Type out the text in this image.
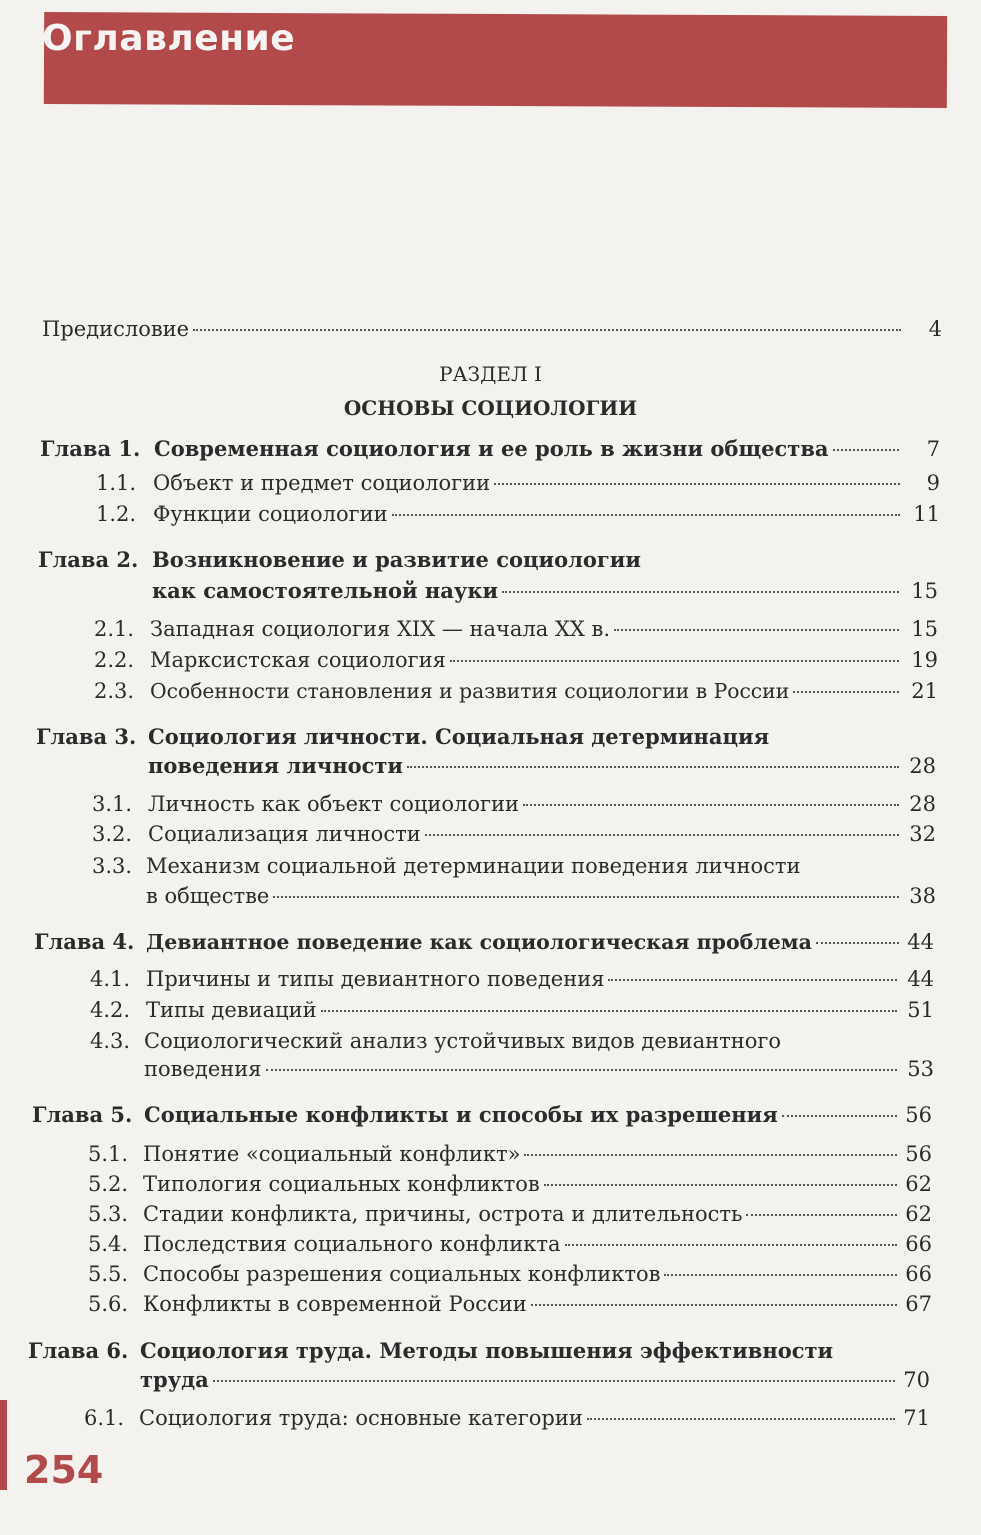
Оглавление
Предисловие	4
РАЗДЕЛ I
ОСНОВЫ СОЦИОЛОГИИ
Глава 1. Современная социология и ее роль в жизни общества	7
1.1. Объект и предмет социологии	9
1.2. Функции социологии	11
Глава 2. Возникновение и развитие социологии
как самостоятельной науки	15
2.1. Западная социология XIX — начала XX в.	15
2.2. Марксистская социология	19
2.3. Особенности становления и развития социологии в России	21
Глава 3. Социология личности. Социальная детерминация
поведения личности	28
3.1. Личность как объект социологии	28
3.2. Социализация личности	32
3.3. Механизм социальной детерминации поведения личности
в обществе	38
Глава 4. Девиантное поведение как социологическая проблема	44
4.1. Причины и типы девиантного поведения	44
4.2. Типы девиаций	51
4.3. Социологический анализ устойчивых видов девиантного
поведения	53
Глава 5. Социальные конфликты и способы их разрешения	56
5.1. Понятие «социальный конфликт»	56
5.2. Типология социальных конфликтов	62
5.3. Стадии конфликта, причины, острота и длительность	62
5.4. Последствия социального конфликта	66
5.5. Способы разрешения социальных конфликтов	66
5.6. Конфликты в современной России	67
Глава 6. Социология труда. Методы повышения эффективности
труда	70
6.1. Социология труда: основные категории	71
254
